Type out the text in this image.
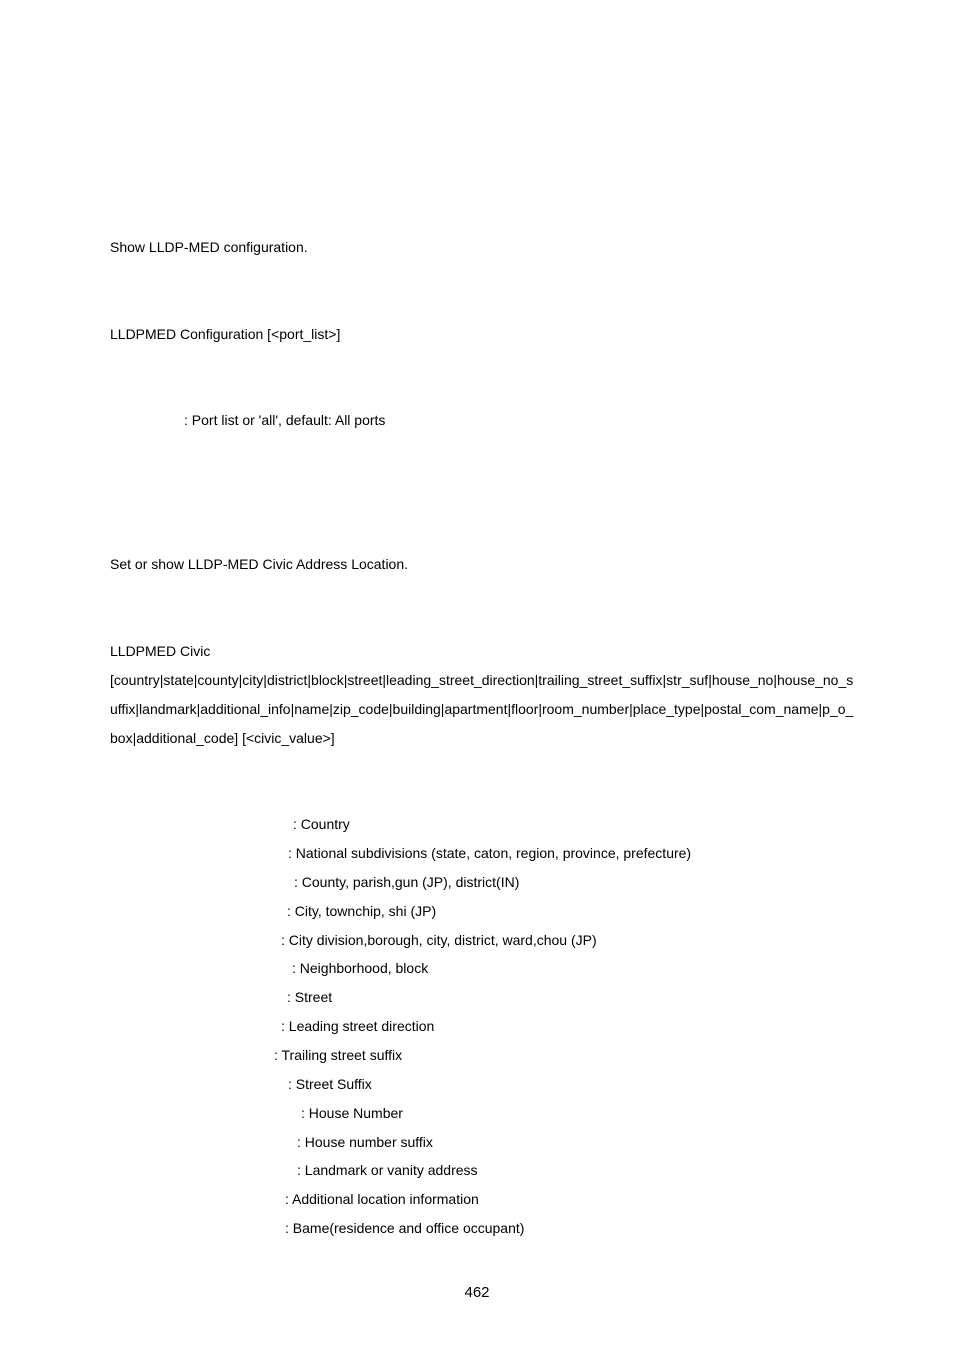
Show LLDP-MED configuration.
LLDPMED Configuration [<port_list>]
: Port list or 'all', default: All ports
Set or show LLDP-MED Civic Address Location.
LLDPMED Civic
[country|state|county|city|district|block|street|leading_street_direction|trailing_street_suffix|str_suf|house_no|house_no_s
uffix|landmark|additional_info|name|zip_code|building|apartment|floor|room_number|place_type|postal_com_name|p_o_
box|additional_code] [<civic_value>]
: Country
: National subdivisions (state, caton, region, province, prefecture)
: County, parish,gun (JP), district(IN)
: City, townchip, shi (JP)
: City division,borough, city, district, ward,chou (JP)
: Neighborhood, block
: Street
: Leading street direction
: Trailing street suffix
: Street Suffix
: House Number
: House number suffix
: Landmark or vanity address
: Additional location information
: Bame(residence and office occupant)
462
